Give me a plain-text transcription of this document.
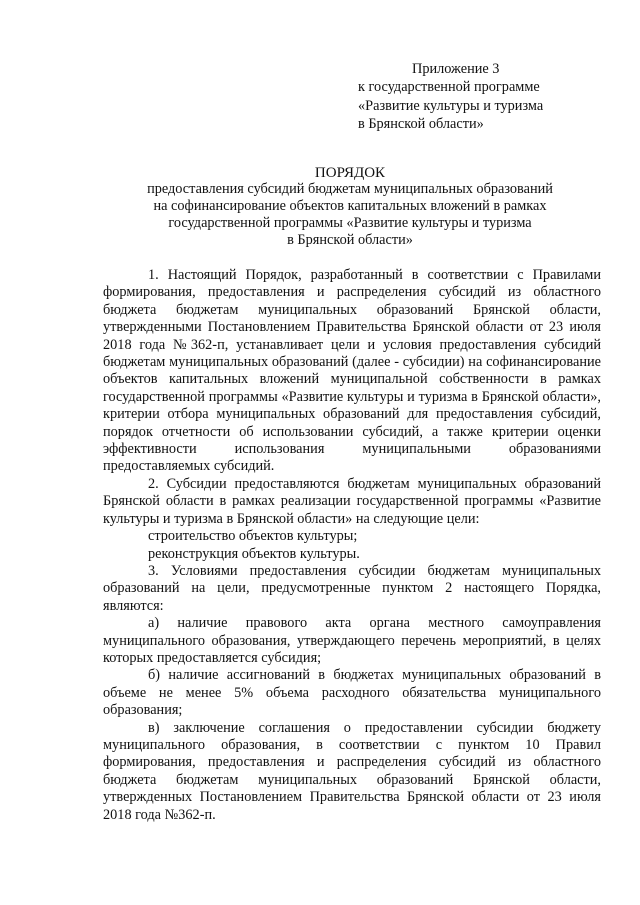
Приложение 3
к государственной программе
«Развитие культуры и туризма
в Брянской области»
ПОРЯДОК
предоставления субсидий бюджетам муниципальных образований
на софинансирование объектов капитальных вложений в рамках
государственной программы «Развитие культуры и туризма
в Брянской области»

1. Настоящий Порядок, разработанный в соответствии с Правилами формирования, предоставления и распределения субсидий из областного бюджета бюджетам муниципальных образований Брянской области, утвержденными Постановлением Правительства Брянской области от 23 июля 2018 года №362-п, устанавливает цели и условия предоставления субсидий бюджетам муниципальных образований (далее - субсидии) на софинансирование объектов капитальных вложений муниципальной собственности в рамках государственной программы «Развитие культуры и туризма в Брянской области», критерии отбора муниципальных образований для предоставления субсидий, порядок отчетности об использовании субсидий, а также критерии оценки эффективности использования муниципальными образованиями предоставляемых субсидий.

2. Субсидии предоставляются бюджетам муниципальных образований Брянской области в рамках реализации государственной программы «Развитие культуры и туризма в Брянской области» на следующие цели:

строительство объектов культуры;

реконструкция объектов культуры.

3. Условиями предоставления субсидии бюджетам муниципальных образований на цели, предусмотренные пунктом 2 настоящего Порядка, являются:

а) наличие правового акта органа местного самоуправления муниципального образования, утверждающего перечень мероприятий, в целях которых предоставляется субсидия;

б) наличие ассигнований в бюджетах муниципальных образований в объеме не менее 5% объема расходного обязательства муниципального образования;

в) заключение соглашения о предоставлении субсидии бюджету муниципального образования, в соответствии с пунктом 10 Правил формирования, предоставления и распределения субсидий из областного бюджета бюджетам муниципальных образований Брянской области, утвержденных Постановлением Правительства Брянской области от 23 июля 2018 года №362-п.
